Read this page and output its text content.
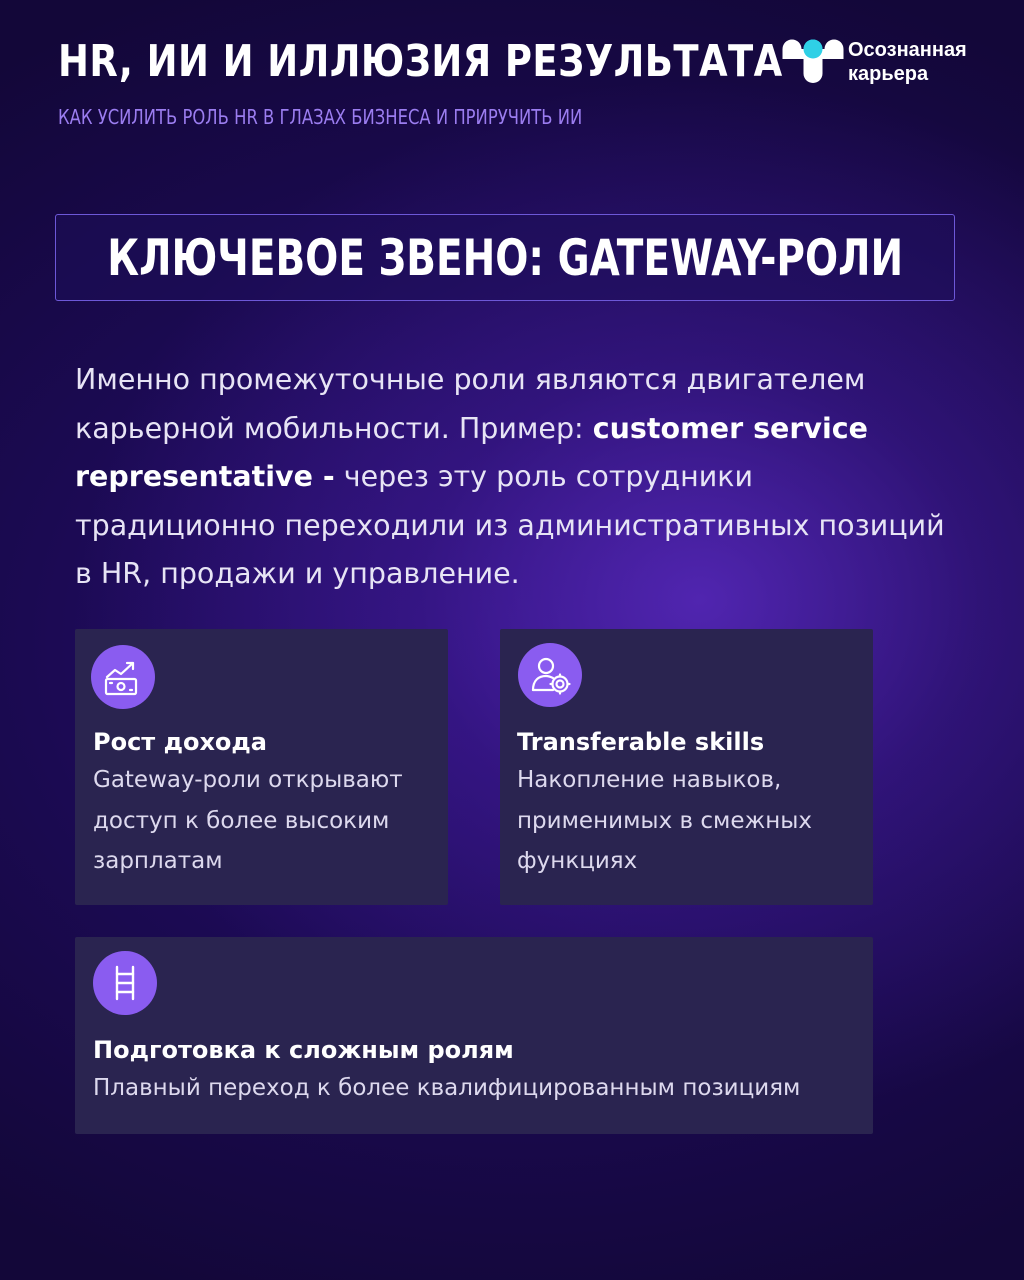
HR, ИИ И ИЛЛЮЗИЯ РЕЗУЛЬТАТА
КАК УСИЛИТЬ РОЛЬ HR В ГЛАЗАХ БИЗНЕСА И ПРИРУЧИТЬ ИИ
Осознанная
карьера
КЛЮЧЕВОЕ ЗВЕНО: GATEWAY-РОЛИ
Именно промежуточные роли являются двигателем карьерной мобильности. Пример: customer service representative - через эту роль сотрудники традиционно переходили из административных позиций в HR, продажи и управление.
Рост дохода
Gateway-роли открывают доступ к более высоким зарплатам
Transferable skills
Накопление навыков, применимых в смежных функциях
Подготовка к сложным ролям
Плавный переход к более квалифицированным позициям
